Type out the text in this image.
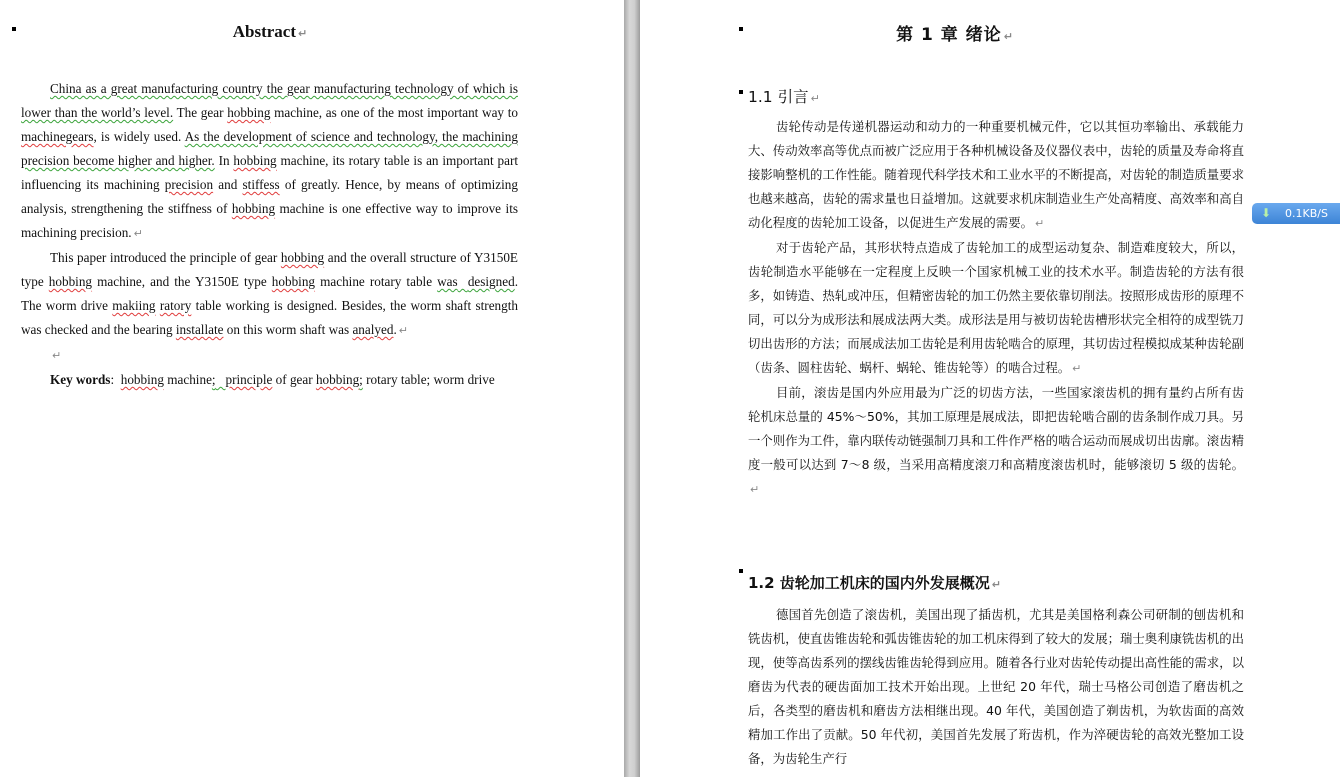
Abstract ↵

China as a great manufacturing country the gear manufacturing technology of which is lower than the world’s level. The gear hobbing machine, as one of the most important way to machinegears, is widely used. As the development of science and technology, the machining precision become higher and higher. In hobbing machine, its rotary table is an important part influencing its machining precision and stiffess of greatly. Hence, by means of optimizing analysis, strengthening the stiffness of hobbing machine is one effective way to improve its machining precision. ↵

This paper introduced the principle of gear hobbing and the overall structure of Y3150E type hobbing machine, and the Y3150E type hobbing machine rotary table was designed. The worm drive makiing ratory table working is designed. Besides, the worm shaft strength was checked and the bearing installate on this worm shaft was analyed. ↵

↵

Key words:  hobbing machine; principle of gear hobbing; rotary table; worm drive

第 1 章 绪论 ↵
1.1 引言 ↵

齿轮传动是传递机器运动和动力的一种重要机械元件，它以其恒功率输出、承载能力大、传动效率高等优点而被广泛应用于各种机械设备及仪器仪表中，齿轮的质量及寿命将直接影响整机的工作性能。随着现代科学技术和工业水平的不断提高，对齿轮的制造质量要求也越来越高，齿轮的需求量也日益增加。这就要求机床制造业生产处高精度、高效率和高自动化程度的齿轮加工设备，以促进生产发展的需要。 ↵

对于齿轮产品，其形状特点造成了齿轮加工的成型运动复杂、制造难度较大，所以，齿轮制造水平能够在一定程度上反映一个国家机械工业的技术水平。制造齿轮的方法有很多，如铸造、热轧或冲压，但精密齿轮的加工仍然主要依靠切削法。按照形成齿形的原理不同，可以分为成形法和展成法两大类。成形法是用与被切齿轮齿槽形状完全相符的成型铣刀切出齿形的方法；而展成法加工齿轮是利用齿轮啮合的原理，其切齿过程模拟成某种齿轮副（齿条、圆柱齿轮、蜗杆、蜗轮、锥齿轮等）的啮合过程。 ↵

目前，滚齿是国内外应用最为广泛的切齿方法，一些国家滚齿机的拥有量约占所有齿轮机床总量的 45%～50%，其加工原理是展成法，即把齿轮啮合副的齿条制作成刀具。另一个则作为工件，靠内联传动链强制刀具和工件作严格的啮合运动而展成切出齿廓。滚齿精度一般可以达到 7～8 级，当采用高精度滚刀和高精度滚齿机时，能够滚切 5 级的齿轮。↵

1.2 齿轮加工机床的国内外发展概况 ↵

德国首先创造了滚齿机，美国出现了插齿机，尤其是美国格利森公司研制的刨齿机和铣齿机，使直齿锥齿轮和弧齿锥齿轮的加工机床得到了较大的发展；瑞士奥利康铣齿机的出现，使等高齿系列的摆线齿锥齿轮得到应用。随着各行业对齿轮传动提出高性能的需求，以磨齿为代表的硬齿面加工技术开始出现。上世纪 20 年代，瑞士马格公司创造了磨齿机之后，各类型的磨齿机和磨齿方法相继出现。40 年代，美国创造了剃齿机，为软齿面的高效精加工作出了贡献。50 年代初，美国首先发展了珩齿机，作为淬硬齿轮的高效光整加工设备，为齿轮生产行

⬇ 0.1KB/S
